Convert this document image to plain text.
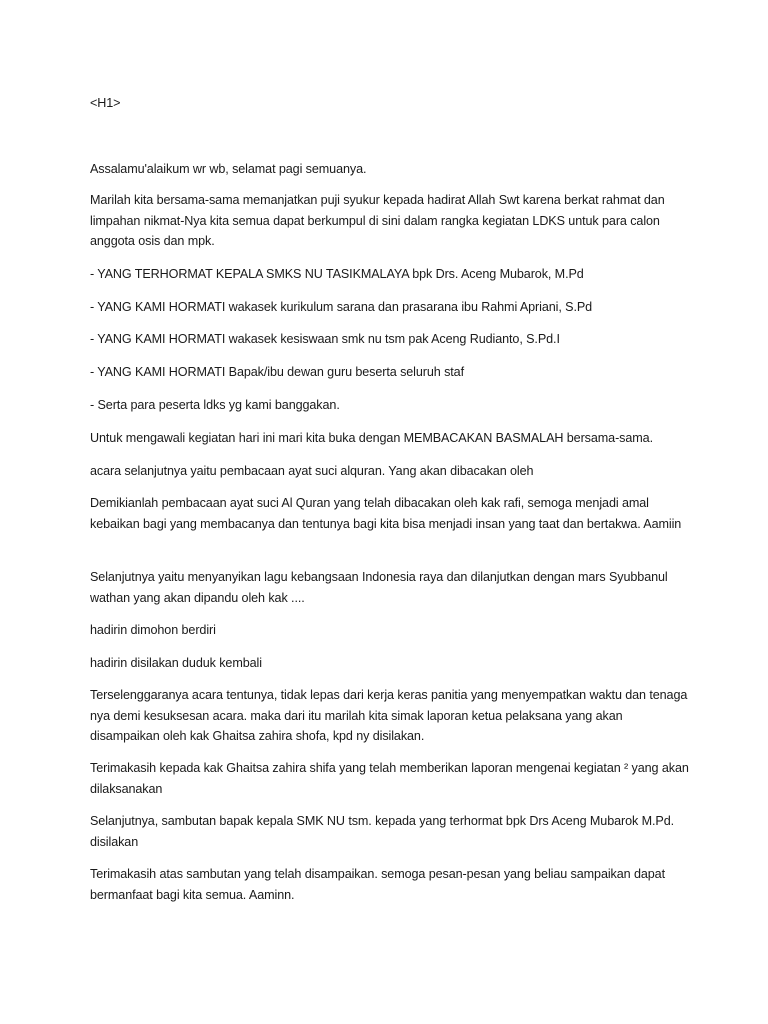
<H1>

Assalamu'alaikum wr wb, selamat pagi semuanya.

Marilah kita bersama-sama memanjatkan puji syukur kepada hadirat Allah Swt karena berkat rahmat dan limpahan nikmat-Nya kita semua dapat berkumpul di sini dalam rangka kegiatan LDKS untuk para calon anggota osis dan mpk.

- YANG TERHORMAT KEPALA SMKS NU TASIKMALAYA bpk Drs. Aceng Mubarok, M.Pd

- YANG KAMI HORMATI wakasek kurikulum sarana dan prasarana ibu Rahmi Apriani, S.Pd

- YANG KAMI HORMATI wakasek kesiswaan smk nu tsm pak Aceng Rudianto, S.Pd.I

- YANG KAMI HORMATI Bapak/ibu dewan guru beserta seluruh staf

- Serta para peserta ldks yg kami banggakan.

Untuk mengawali kegiatan hari ini mari kita buka dengan MEMBACAKAN BASMALAH bersama-sama.

acara selanjutnya yaitu pembacaan ayat suci alquran. Yang akan dibacakan oleh

Demikianlah pembacaan ayat suci Al Quran yang telah dibacakan oleh kak rafi, semoga menjadi amal kebaikan bagi yang membacanya dan tentunya bagi kita bisa menjadi insan yang taat dan bertakwa. Aamiin

Selanjutnya yaitu menyanyikan lagu kebangsaan Indonesia raya dan dilanjutkan dengan mars Syubbanul wathan yang akan dipandu oleh kak ....

hadirin dimohon berdiri

hadirin disilakan duduk kembali

Terselenggaranya acara tentunya, tidak lepas dari kerja keras panitia yang menyempatkan waktu dan tenaga nya demi kesuksesan acara. maka dari itu marilah kita simak laporan ketua pelaksana yang akan disampaikan oleh kak Ghaitsa zahira shofa, kpd ny disilakan.

Terimakasih kepada kak Ghaitsa zahira shifa yang telah memberikan laporan mengenai kegiatan ² yang akan dilaksanakan

Selanjutnya, sambutan bapak kepala SMK NU tsm. kepada yang terhormat bpk Drs Aceng Mubarok M.Pd. disilakan

Terimakasih atas sambutan yang telah disampaikan. semoga pesan-pesan yang beliau sampaikan dapat bermanfaat bagi kita semua. Aaminn.
